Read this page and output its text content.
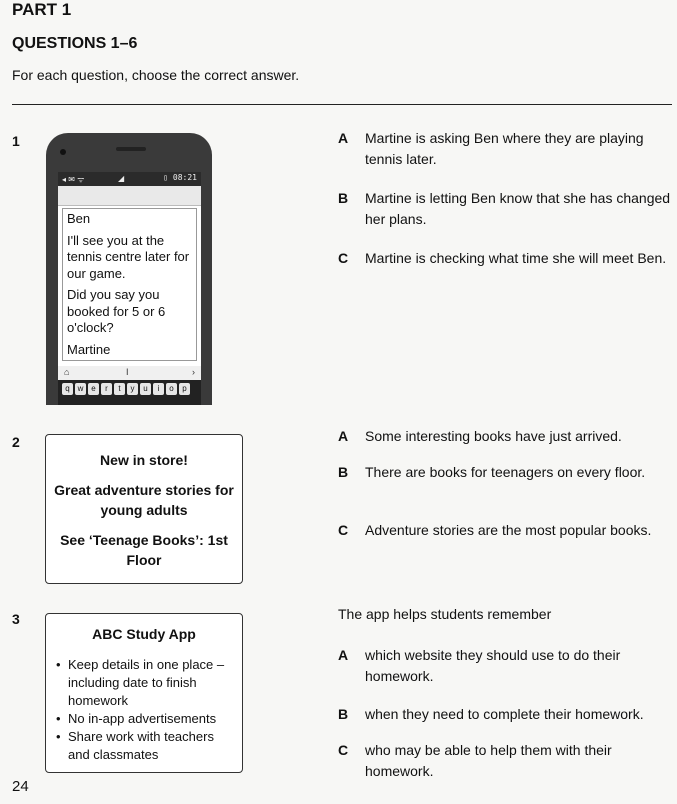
PART 1
QUESTIONS 1–6
For each question, choose the correct answer.
1
◂ ✉ ᯤ	◢	▯ 08:21

Ben

I'll see you at the tennis centre later for our game.

Did you say you booked for 5 or 6 o'clock?

Martine

⌂	I	›
q w e	r	t	y	u	i	o	p
A Martine is asking Ben where they are playing tennis later.
B Martine is letting Ben know that she has changed her plans.
C Martine is checking what time she will meet Ben.
2

New in store!

Great adventure stories for young adults

See ‘Teenage Books’: 1st Floor

A Some interesting books have just arrived.
B There are books for teenagers on every floor.
C Adventure stories are the most popular books.
3
ABC Study App
• Keep details in one place – including date to finish homework
• No in-app advertisements
• Share work with teachers and classmates
The app helps students remember
A which website they should use to do their homework.
B when they need to complete their homework.
C who may be able to help them with their homework.
24
